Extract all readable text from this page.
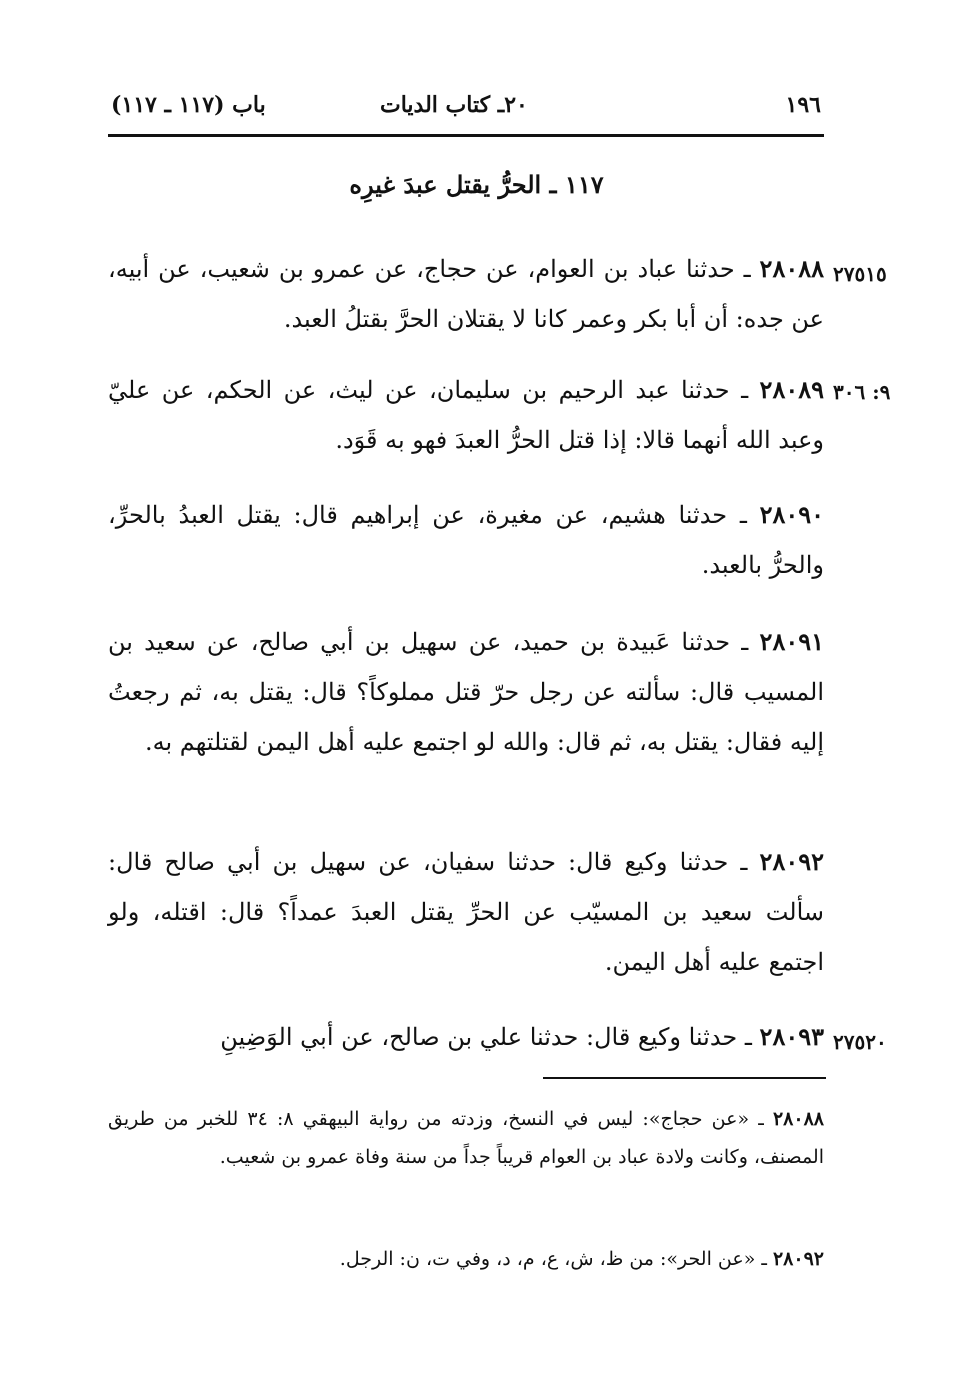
١٩٦
٢٠ـ كتاب الديات
باب (١١٧ ـ ١١٧)
١١٧ ـ الحرُّ يقتل عبدَ غيرِه
٢٧٥١٥
٢٨٠٨٨ ـ حدثنا عباد بن العوام، عن حجاج، عن عمرو بن شعيب، عن أبيه، عن جده: أن أبا بكر وعمر كانا لا يقتلان الحرَّ بقتلُ العبد.
٩: ٣٠٦
٢٨٠٨٩ ـ حدثنا عبد الرحيم بن سليمان، عن ليث، عن الحكم، عن عليّ وعبد الله أنهما قالا: إذا قتل الحرُّ العبدَ فهو به قَوَد.
٢٨٠٩٠ ـ حدثنا هشيم، عن مغيرة، عن إبراهيم قال: يقتل العبدُ بالحرِّ، والحرُّ بالعبد.
٢٨٠٩١ ـ حدثنا عَبيدة بن حميد، عن سهيل بن أبي صالح، عن سعيد بن المسيب قال: سألته عن رجل حرّ قتل مملوكاً؟ قال: يقتل به، ثم رجعتُ إليه فقال: يقتل به، ثم قال: والله لو اجتمع عليه أهل اليمن لقتلتهم به.
٢٨٠٩٢ ـ حدثنا وكيع قال: حدثنا سفيان، عن سهيل بن أبي صالح قال: سألت سعيد بن المسيّب عن الحرِّ يقتل العبدَ عمداً؟ قال: اقتله، ولو اجتمع عليه أهل اليمن.
٢٧٥٢٠
٢٨٠٩٣ ـ حدثنا وكيع قال: حدثنا علي بن صالح، عن أبي الوَضِينِ
٢٨٠٨٨ ـ «عن حجاج»: ليس في النسخ، وزدته من رواية البيهقي ٨: ٣٤ للخبر من طريق المصنف، وكانت ولادة عباد بن العوام قريباً جداً من سنة وفاة عمرو بن شعيب.
٢٨٠٩٢ ـ «عن الحر»: من ظ، ش، ع، م، د، وفي ت، ن: الرجل.
